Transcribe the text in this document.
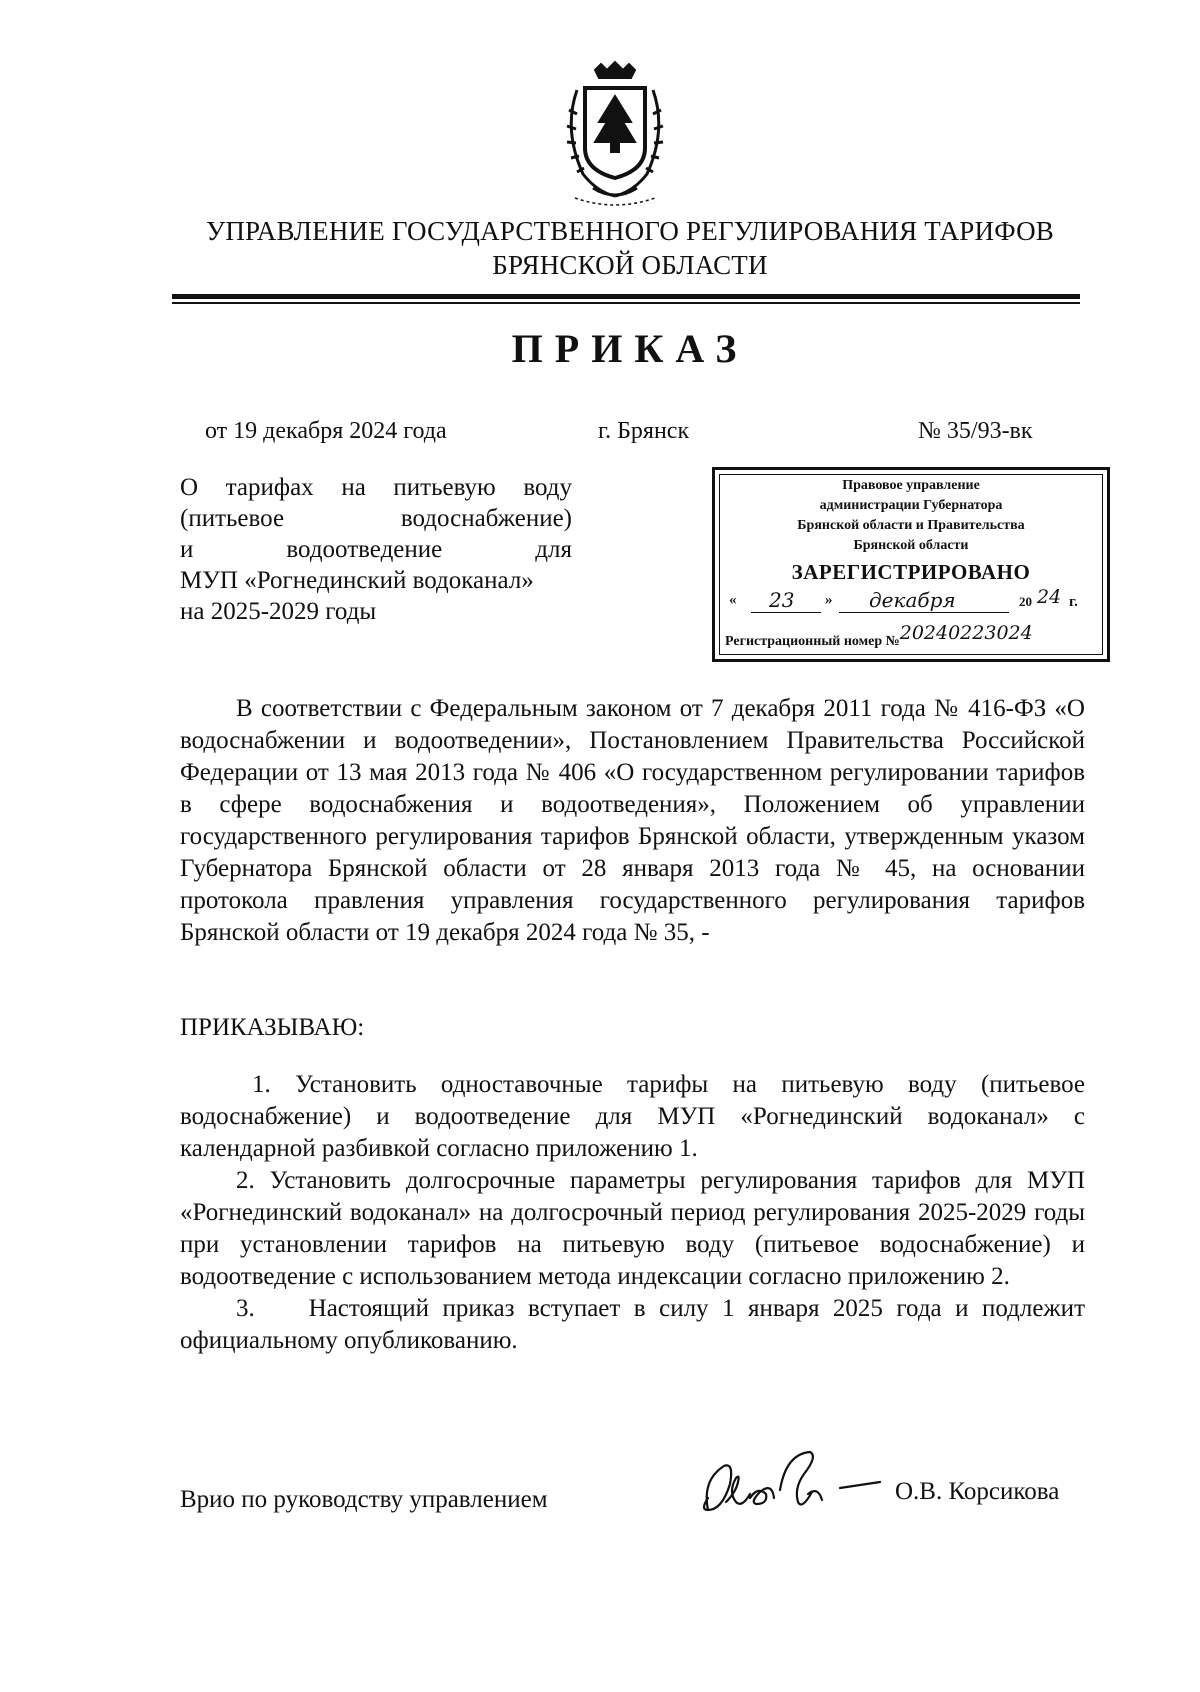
УПРАВЛЕНИЕ ГОСУДАРСТВЕННОГО РЕГУЛИРОВАНИЯ ТАРИФОВ
БРЯНСКОЙ ОБЛАСТИ
ПРИКАЗ
от 19 декабря 2024 года	г. Брянск	№ 35/93-вк
О тарифах на питьевую воду
(питьевое водоснабжение)
и водоотведение для
МУП «Рогнединский водоканал»
на 2025-2029 годы
Правовое управление
администрации Губернатора
Брянской области и Правительства
Брянской области
ЗАРЕГИСТРИРОВАНО
« 23 » декабря	20 24 г.
Регистрационный номер №20240223024

В соответствии с Федеральным законом от 7 декабря 2011 года № 416-ФЗ «О водоснабжении и водоотведении», Постановлением Правительства Российской Федерации от 13 мая 2013 года № 406 «О государственном регулировании тарифов в сфере водоснабжения и водоотведения», Положением об управлении государственного регулирования тарифов Брянской области, утвержденным указом Губернатора Брянской области от 28 января 2013 года № 45, на основании протокола правления управления государственного регулирования тарифов Брянской области от 19 декабря 2024 года № 35, -

ПРИКАЗЫВАЮ:

1. Установить одноставочные тарифы на питьевую воду (питьевое водоснабжение) и водоотведение для МУП «Рогнединский водоканал» с календарной разбивкой согласно приложению 1.

2. Установить долгосрочные параметры регулирования тарифов для МУП «Рогнединский водоканал» на долгосрочный период регулирования 2025-2029 годы при установлении тарифов на питьевую воду (питьевое водоснабжение) и водоотведение с использованием метода индексации согласно приложению 2.

3.    Настоящий приказ вступает в силу 1 января 2025 года и подлежит официальному опубликованию.

Врио по руководству управлением	О.В. Корсикова
